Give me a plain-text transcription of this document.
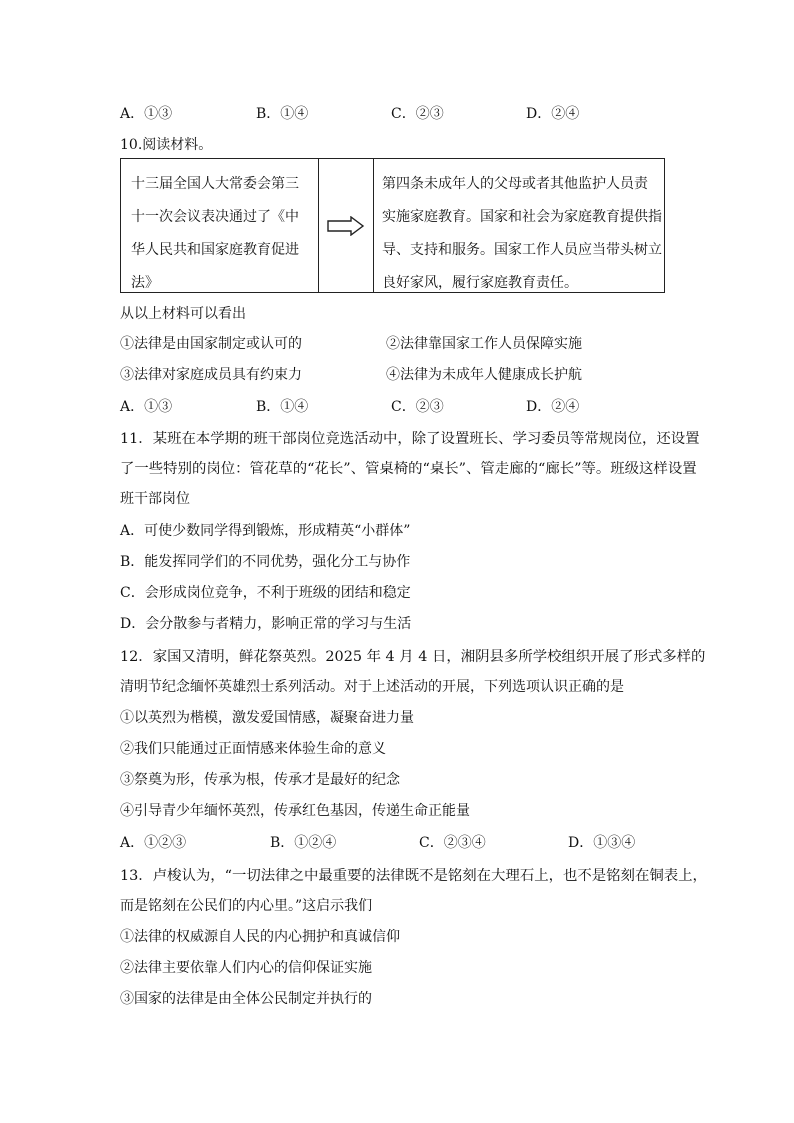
A．①③	B．①④	C．②③	D．②④
10.阅读材料。
十三届全国人大常委会第三
十一次会议表决通过了《中
华人民共和国家庭教育促进
法》
第四条未成年人的父母或者其他监护人员责
实施家庭教育。国家和社会为家庭教育提供指
导、支持和服务。国家工作人员应当带头树立
良好家风，履行家庭教育责任。
从以上材料可以看出
①法律是由国家制定或认可的	②法律靠国家工作人员保障实施
③法律对家庭成员具有约束力	④法律为未成年人健康成长护航
A．①③	B．①④	C．②③	D．②④
11．某班在本学期的班干部岗位竞选活动中，除了设置班长、学习委员等常规岗位，还设置
了一些特别的岗位：管花草的“花长”、管桌椅的“桌长”、管走廊的“廊长”等。班级这样设置
班干部岗位
A．可使少数同学得到锻炼，形成精英“小群体”
B．能发挥同学们的不同优势，强化分工与协作
C．会形成岗位竞争，不利于班级的团结和稳定
D．会分散参与者精力，影响正常的学习与生活
12．家国又清明，鲜花祭英烈。2025 年 4 月 4 日，湘阴县多所学校组织开展了形式多样的
清明节纪念缅怀英雄烈士系列活动。对于上述活动的开展，下列选项认识正确的是
①以英烈为楷模，激发爱国情感，凝聚奋进力量
②我们只能通过正面情感来体验生命的意义
③祭奠为形，传承为根，传承才是最好的纪念
④引导青少年缅怀英烈，传承红色基因，传递生命正能量
A．①②③	B．①②④	C．②③④	D．①③④
13．卢梭认为，“一切法律之中最重要的法律既不是铭刻在大理石上，也不是铭刻在铜表上，
而是铭刻在公民们的内心里。”这启示我们
①法律的权威源自人民的内心拥护和真诚信仰
②法律主要依靠人们内心的信仰保证实施
③国家的法律是由全体公民制定并执行的
